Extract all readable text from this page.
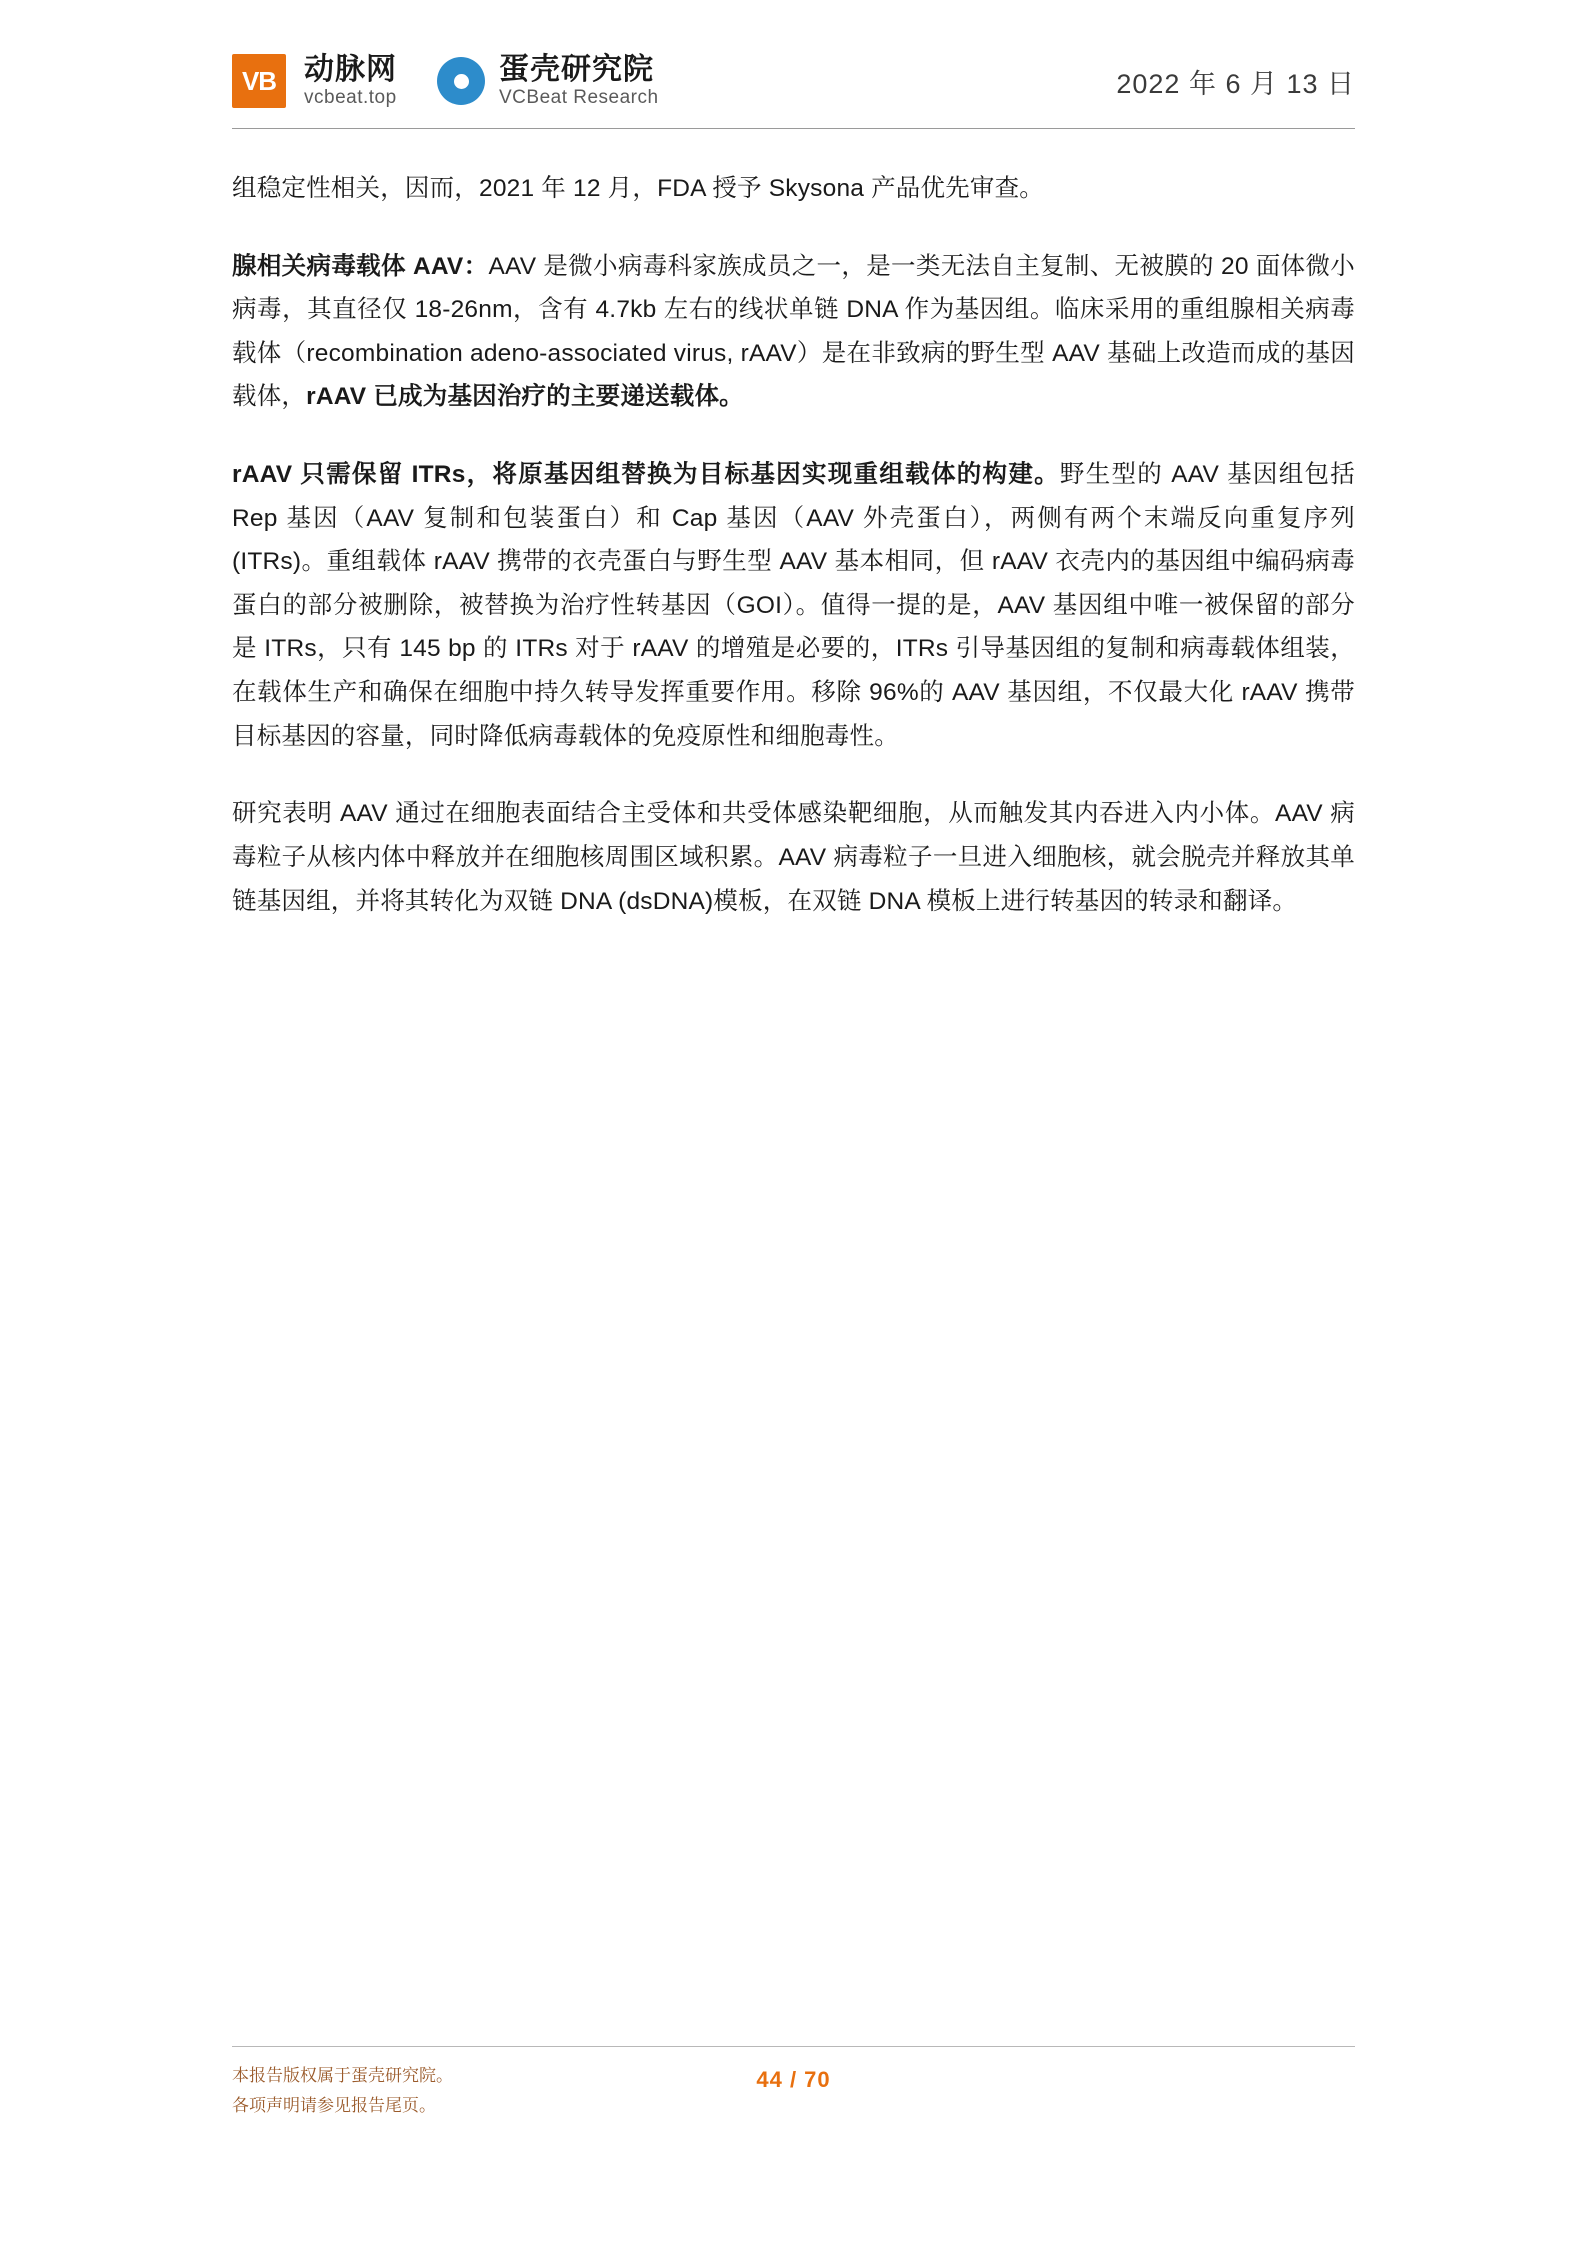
VB 动脉网
vcbeat.top
蛋壳研究院
VCBeat Research	2022 年 6 月 13 日

组稳定性相关，因而，2021 年 12 月，FDA 授予 Skysona 产品优先审查。

腺相关病毒载体 AAV：AAV 是微小病毒科家族成员之一，是一类无法自主复制、无被膜的 20 面体微小病毒，其直径仅 18-26nm，含有 4.7kb 左右的线状单链 DNA 作为基因组。临床采用的重组腺相关病毒载体（recombination adeno-associated virus, rAAV）是在非致病的野生型 AAV 基础上改造而成的基因载体，rAAV 已成为基因治疗的主要递送载体。

rAAV 只需保留 ITRs，将原基因组替换为目标基因实现重组载体的构建。野生型的 AAV 基因组包括 Rep 基因（AAV 复制和包装蛋白）和 Cap 基因（AAV 外壳蛋白），两侧有两个末端反向重复序列(ITRs)。重组载体 rAAV 携带的衣壳蛋白与野生型 AAV 基本相同，但 rAAV 衣壳内的基因组中编码病毒蛋白的部分被删除，被替换为治疗性转基因（GOI）。值得一提的是，AAV 基因组中唯一被保留的部分是 ITRs，只有 145 bp 的 ITRs 对于 rAAV 的增殖是必要的，ITRs 引导基因组的复制和病毒载体组装，在载体生产和确保在细胞中持久转导发挥重要作用。移除 96%的 AAV 基因组，不仅最大化 rAAV 携带目标基因的容量，同时降低病毒载体的免疫原性和细胞毒性。

研究表明 AAV 通过在细胞表面结合主受体和共受体感染靶细胞，从而触发其内吞进入内小体。AAV 病毒粒子从核内体中释放并在细胞核周围区域积累。AAV 病毒粒子一旦进入细胞核，就会脱壳并释放其单链基因组，并将其转化为双链 DNA (dsDNA)模板，在双链 DNA 模板上进行转基因的转录和翻译。

本报告版权属于蛋壳研究院。
各项声明请参见报告尾页。
44 / 70
